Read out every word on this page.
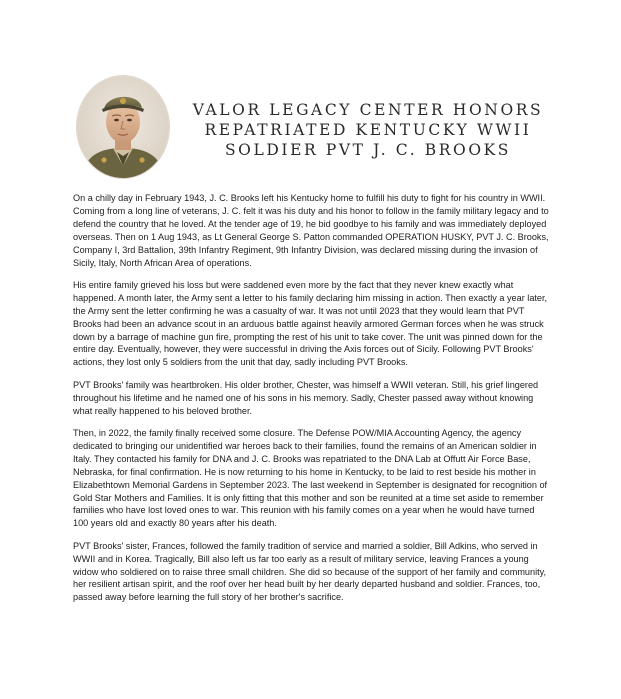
VALOR LEGACY CENTER HONORS
REPATRIATED KENTUCKY WWII
SOLDIER PVT J. C. BROOKS

On a chilly day in February 1943, J. C. Brooks left his Kentucky home to fulfill his duty to fight for his country in WWII. Coming from a long line of veterans, J. C. felt it was his duty and his honor to follow in the family military legacy and to defend the country that he loved. At the tender age of 19, he bid goodbye to his family and was immediately deployed overseas. Then on 1 Aug 1943, as Lt General George S. Patton commanded OPERATION HUSKY, PVT J. C. Brooks, Company I, 3rd Battalion, 39th Infantry Regiment, 9th Infantry Division, was declared missing during the invasion of Sicily, Italy, North African Area of operations.

His entire family grieved his loss but were saddened even more by the fact that they never knew exactly what happened. A month later, the Army sent a letter to his family declaring him missing in action. Then exactly a year later, the Army sent the letter confirming he was a casualty of war. It was not until 2023 that they would learn that PVT Brooks had been an advance scout in an arduous battle against heavily armored German forces when he was struck down by a barrage of machine gun fire, prompting the rest of his unit to take cover. The unit was pinned down for the entire day. Eventually, however, they were successful in driving the Axis forces out of Sicily. Following PVT Brooks' actions, they lost only 5 soldiers from the unit that day, sadly including PVT Brooks.

PVT Brooks' family was heartbroken. His older brother, Chester, was himself a WWII veteran. Still, his grief lingered throughout his lifetime and he named one of his sons in his memory. Sadly, Chester passed away without knowing what really happened to his beloved brother.

Then, in 2022, the family finally received some closure. The Defense POW/MIA Accounting Agency, the agency dedicated to bringing our unidentified war heroes back to their families, found the remains of an American soldier in Italy. They contacted his family for DNA and J. C. Brooks was repatriated to the DNA Lab at Offutt Air Force Base, Nebraska, for final confirmation. He is now returning to his home in Kentucky, to be laid to rest beside his mother in Elizabethtown Memorial Gardens in September 2023. The last weekend in September is designated for recognition of Gold Star Mothers and Families. It is only fitting that this mother and son be reunited at a time set aside to remember families who have lost loved ones to war. This reunion with his family comes on a year when he would have turned 100 years old and exactly 80 years after his death.

PVT Brooks' sister, Frances, followed the family tradition of service and married a soldier, Bill Adkins, who served in WWII and in Korea. Tragically, Bill also left us far too early as a result of military service, leaving Frances a young widow who soldiered on to raise three small children. She did so because of the support of her family and community, her resilient artisan spirit, and the roof over her head built by her dearly departed husband and soldier. Frances, too, passed away before learning the full story of her brother's sacrifice.
